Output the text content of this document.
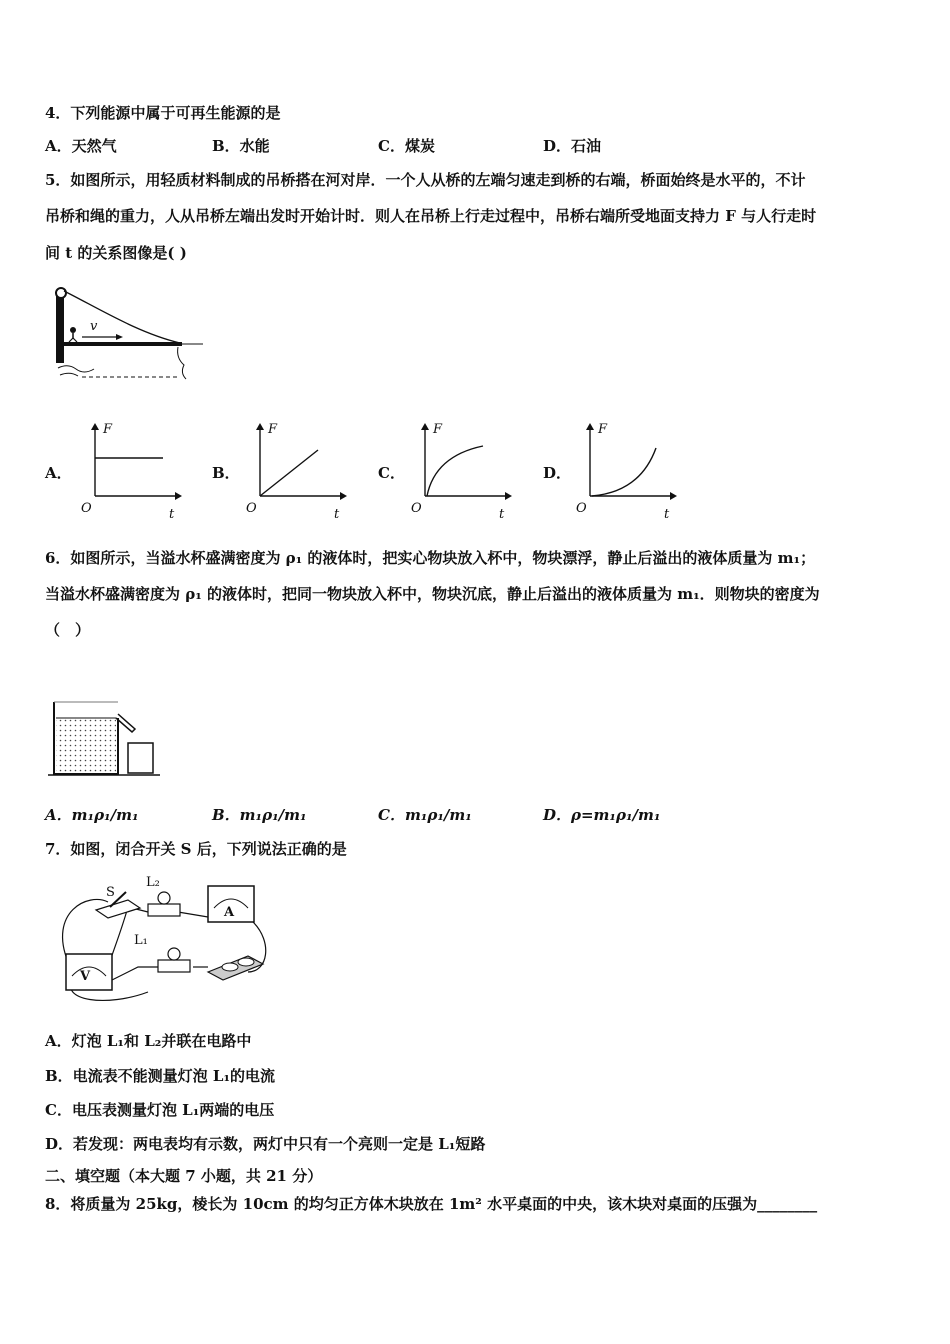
4．下列能源中属于可再生能源的是
A．天然气	B．水能	C．煤炭	D．石油
5．如图所示，用轻质材料制成的吊桥搭在河对岸．一个人从桥的左端匀速走到桥的右端，桥面始终是水平的，不计
吊桥和绳的重力，人从吊桥左端出发时开始计时．则人在吊桥上行走过程中，吊桥右端所受地面支持力 F 与人行走时
间 t 的关系图像是( )
v
A．
F
O	t
B．
F
O	t
C．
F
O	t
D．
F
O	t
6．如图所示，当溢水杯盛满密度为 ρ₁ 的液体时，把实心物块放入杯中，物块漂浮，静止后溢出的液体质量为 m₁；
当溢水杯盛满密度为 ρ₁ 的液体时，把同一物块放入杯中，物块沉底，静止后溢出的液体质量为 m₁．则物块的密度为
（　）
A．m₁ρ₁/m₁	B．m₁ρ₁/m₁	C．m₁ρ₁/m₁	D．ρ=m₁ρ₁/m₁
7．如图，闭合开关 S 后，下列说法正确的是
S
L₂
A
L₁
V
A．灯泡 L₁和 L₂并联在电路中
B．电流表不能测量灯泡 L₁的电流
C．电压表测量灯泡 L₁两端的电压
D．若发现：两电表均有示数，两灯中只有一个亮则一定是 L₁短路
二、填空题（本大题 7 小题，共 21 分）
8．将质量为 25kg，棱长为 10cm 的均匀正方体木块放在 1m² 水平桌面的中央，该木块对桌面的压强为________
